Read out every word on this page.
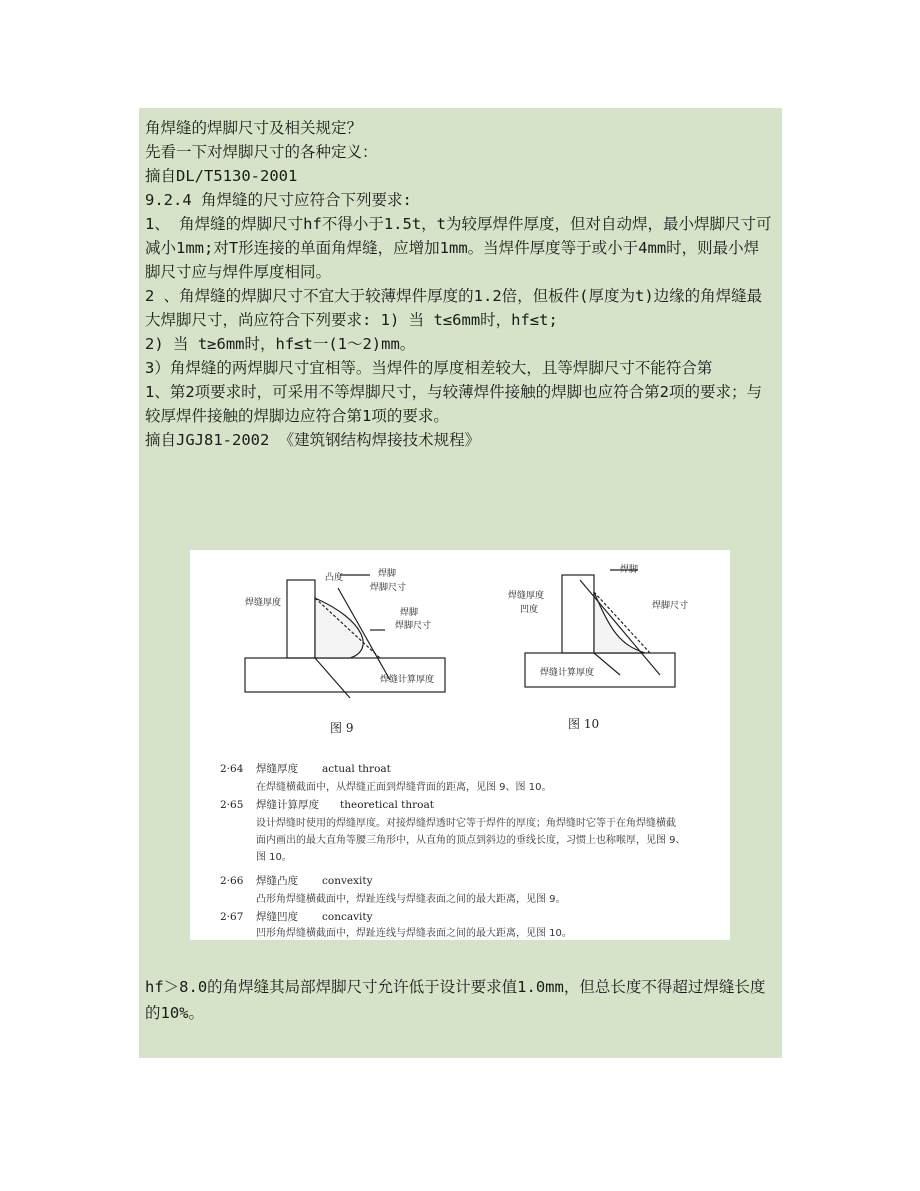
角焊缝的焊脚尺寸及相关规定？

先看一下对焊脚尺寸的各种定义：

摘自DL/T5130-2001

9.2.4 角焊缝的尺寸应符合下列要求:

1、 角焊缝的焊脚尺寸hf不得小于1.5t，t为较厚焊件厚度，但对自动焊，最小焊脚尺寸可减小1mm;对T形连接的单面角焊缝，应增加1mm。当焊件厚度等于或小于4mm时，则最小焊脚尺寸应与焊件厚度相同。

2 、角焊缝的焊脚尺寸不宜大于较薄焊件厚度的1.2倍，但板件(厚度为t)边缘的角焊缝最大焊脚尺寸，尚应符合下列要求: 1) 当 t≤6mm时，hf≤t;

2) 当 t≥6mm时，hf≤t一(1～2)mm。

3）角焊缝的两焊脚尺寸宜相等。当焊件的厚度相差较大，且等焊脚尺寸不能符合第

1、第2项要求时，可采用不等焊脚尺寸，与较薄焊件接触的焊脚也应符合第2项的要求；与较厚焊件接触的焊脚边应符合第1项的要求。

摘自JGJ81-2002 《建筑钢结构焊接技术规程》

凸度	焊脚
焊脚尺寸
焊缝厚度
焊脚
焊脚尺寸
焊缝计算厚度
图 9
焊脚
焊缝厚度
凹度	焊脚尺寸
焊缝计算厚度
图 10
2·64 焊缝厚度 actual throat
在焊缝横截面中，从焊缝正面到焊缝背面的距离，见图 9、图 10。
2·65 焊缝计算厚度 theoretical throat
设计焊缝时使用的焊缝厚度。对接焊缝焊透时它等于焊件的厚度；角焊缝时它等于在角焊缝横截
面内画出的最大直角等腰三角形中，从直角的顶点到斜边的垂线长度，习惯上也称喉厚，见图 9、
图 10。
2·66 焊缝凸度 convexity
凸形角焊缝横截面中，焊趾连线与焊缝表面之间的最大距离，见图 9。
2·67 焊缝凹度 concavity
凹形角焊缝横截面中，焊趾连线与焊缝表面之间的最大距离，见图 10。

hf＞8.0的角焊缝其局部焊脚尺寸允许低于设计要求值1.0mm，但总长度不得超过焊缝长度的10%。
